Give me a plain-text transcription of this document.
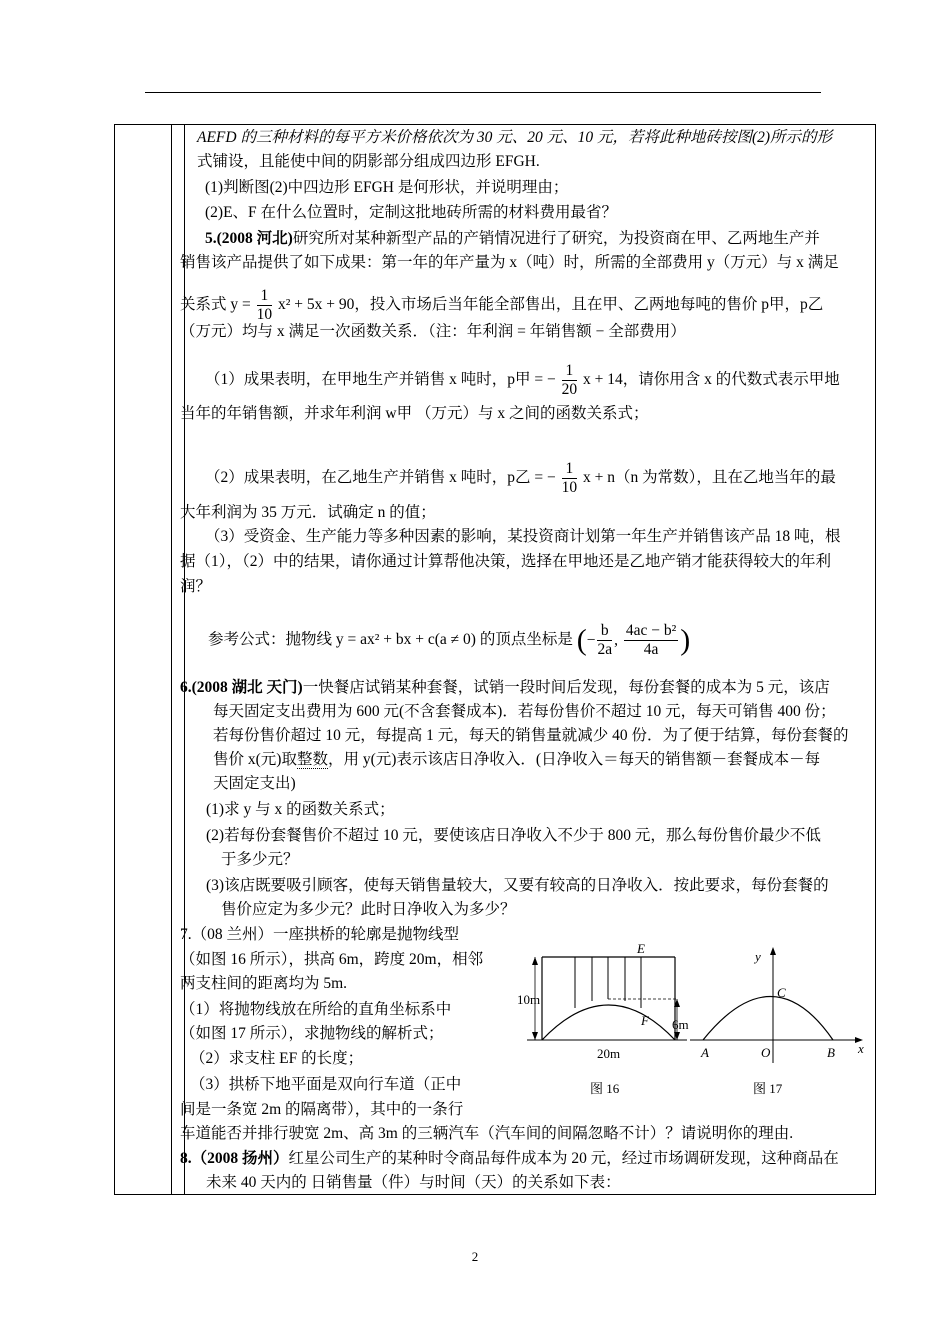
AEFD 的三种材料的每平方米价格依次为 30 元、20 元、10 元，若将此种地砖按图(2)所示的形
式铺设，且能使中间的阴影部分组成四边形 EFGH.
(1)判断图(2)中四边形 EFGH 是何形状，并说明理由；
(2)E、F 在什么位置时，定制这批地砖所需的材料费用最省？
5.(2008 河北)研究所对某种新型产品的产销情况进行了研究，为投资商在甲、乙两地生产并
销售该产品提供了如下成果：第一年的年产量为 x（吨）时，所需的全部费用 y（万元）与 x 满足
关系式 $y = \frac{1}{10} x^2 + 5x + 90$，投入市场后当年能全部售出，且在甲、乙两地每吨的售价 p甲，p乙
（万元）均与 x 满足一次函数关系．（注：年利润 = 年销售额 − 全部费用）
（1）成果表明，在甲地生产并销售 x 吨时，p甲 = − $\frac{1}{20}$ x + 14，请你用含 x 的代数式表示甲地
当年的年销售额，并求年利润 w甲 （万元）与 x 之间的函数关系式；
（2）成果表明，在乙地生产并销售 x 吨时，p乙 = − $\frac{1}{10}$ x + n（n 为常数），且在乙地当年的最
大年利润为 35 万元．试确定 n 的值；
（3）受资金、生产能力等多种因素的影响，某投资商计划第一年生产并销售该产品 18 吨，根
据（1），（2）中的结果，请你通过计算帮他决策，选择在甲地还是乙地产销才能获得较大的年利
润？
参考公式：抛物线 y = ax² + bx + c(a ≠ 0) 的顶点坐标是 (− $\frac{b}{2a}$ , $\frac{\text{4ac − b²}}{4a}$ )
6.(2008 湖北 天门)一快餐店试销某种套餐，试销一段时间后发现，每份套餐的成本为 5 元，该店
每天固定支出费用为 600 元(不含套餐成本)．若每份售价不超过 10 元，每天可销售 400 份；
若每份售价超过 10 元，每提高 1 元，每天的销售量就减少 40 份．为了便于结算，每份套餐的
售价 x(元)取整数，用 y(元)表示该店日净收入．(日净收入＝每天的销售额－套餐成本－每
天固定支出)
(1)求 y 与 x 的函数关系式；
(2)若每份套餐售价不超过 10 元，要使该店日净收入不少于 800 元，那么每份售价最少不低
于多少元？
(3)该店既要吸引顾客，使每天销售量较大，又要有较高的日净收入．按此要求，每份套餐的
售价应定为多少元？此时日净收入为多少？
7.（08 兰州）一座拱桥的轮廓是抛物线型
（如图 16 所示），拱高 6m，跨度 20m，相邻
两支柱间的距离均为 5m.
（1）将抛物线放在所给的直角坐标系中
（如图 17 所示），求抛物线的解析式；
（2）求支柱 EF 的长度；
（3）拱桥下地平面是双向行车道（正中
间是一条宽 2m 的隔离带），其中的一条行
车道能否并排行驶宽 2m、高 3m 的三辆汽车（汽车间的间隔忽略不计）？请说明你的理由.
8.（2008 扬州）红星公司生产的某种时令商品每件成本为 20 元，经过市场调研发现，这种商品在
未来 40 天内的 日销售量（件）与时间（天）的关系如下表：
10m
6m
20m
E
F
图 16
y
x
C
A	O	B
图 17
2
